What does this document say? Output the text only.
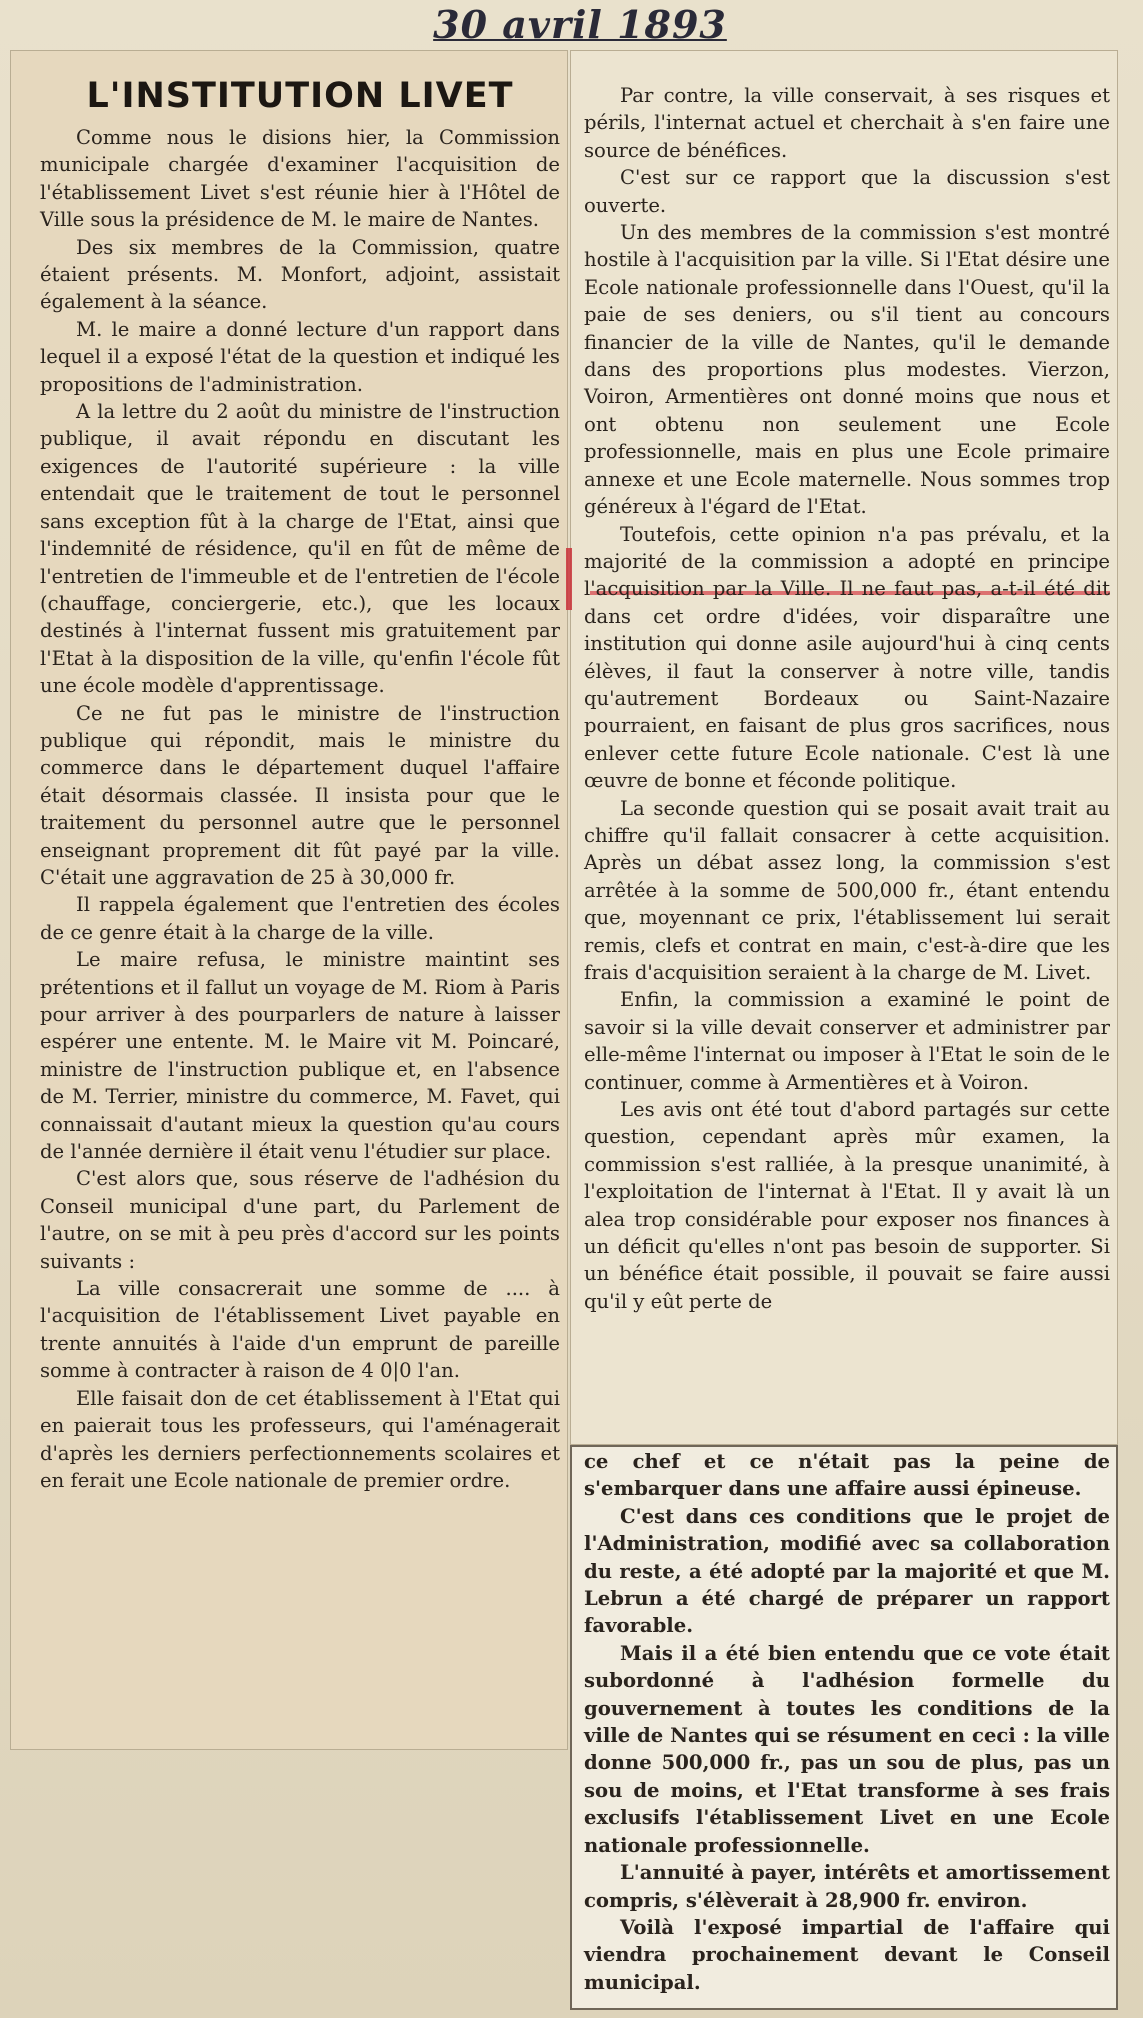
30 avril 1893
L'INSTITUTION LIVET

Comme nous le disions hier, la Commission municipale chargée d'examiner l'acquisition de l'établissement Livet s'est réunie hier à l'Hôtel de Ville sous la présidence de M. le maire de Nantes.

Des six membres de la Commission, quatre étaient présents. M. Monfort, adjoint, assistait également à la séance.

M. le maire a donné lecture d'un rapport dans lequel il a exposé l'état de la question et indiqué les propositions de l'administration.

A la lettre du 2 août du ministre de l'instruction publique, il avait répondu en discutant les exigences de l'autorité supérieure : la ville entendait que le traitement de tout le personnel sans exception fût à la charge de l'Etat, ainsi que l'indemnité de résidence, qu'il en fût de même de l'entretien de l'immeuble et de l'entretien de l'école (chauffage, conciergerie, etc.), que les locaux destinés à l'internat fussent mis gratuitement par l'Etat à la disposition de la ville, qu'enfin l'école fût une école modèle d'apprentissage.

Ce ne fut pas le ministre de l'instruction publique qui répondit, mais le ministre du commerce dans le département duquel l'affaire était désormais classée. Il insista pour que le traitement du personnel autre que le personnel enseignant proprement dit fût payé par la ville. C'était une aggravation de 25 à 30,000 fr.

Il rappela également que l'entretien des écoles de ce genre était à la charge de la ville.

Le maire refusa, le ministre maintint ses prétentions et il fallut un voyage de M. Riom à Paris pour arriver à des pourparlers de nature à laisser espérer une entente. M. le Maire vit M. Poincaré, ministre de l'instruction publique et, en l'absence de M. Terrier, ministre du commerce, M. Favet, qui connaissait d'autant mieux la question qu'au cours de l'année dernière il était venu l'étudier sur place.

C'est alors que, sous réserve de l'adhésion du Conseil municipal d'une part, du Parlement de l'autre, on se mit à peu près d'accord sur les points suivants :

La ville consacrerait une somme de .... à l'acquisition de l'établissement Livet payable en trente annuités à l'aide d'un emprunt de pareille somme à contracter à raison de 4 0|0 l'an.

Elle faisait don de cet établissement à l'Etat qui en paierait tous les professeurs, qui l'aménagerait d'après les derniers perfectionnements scolaires et en ferait une Ecole nationale de premier ordre.

Par contre, la ville conservait, à ses risques et périls, l'internat actuel et cherchait à s'en faire une source de bénéfices.

C'est sur ce rapport que la discussion s'est ouverte.

Un des membres de la commission s'est montré hostile à l'acquisition par la ville. Si l'Etat désire une Ecole nationale professionnelle dans l'Ouest, qu'il la paie de ses deniers, ou s'il tient au concours financier de la ville de Nantes, qu'il le demande dans des proportions plus modestes. Vierzon, Voiron, Armentières ont donné moins que nous et ont obtenu non seulement une Ecole professionnelle, mais en plus une Ecole primaire annexe et une Ecole maternelle. Nous sommes trop généreux à l'égard de l'Etat.

Toutefois, cette opinion n'a pas prévalu, et la majorité de la commission a adopté en principe l'acquisition par la Ville. Il ne faut pas, a-t-il été dit dans cet ordre d'idées, voir disparaître une institution qui donne asile aujourd'hui à cinq cents élèves, il faut la conserver à notre ville, tandis qu'autrement Bordeaux ou Saint-Nazaire pourraient, en faisant de plus gros sacrifices, nous enlever cette future Ecole nationale. C'est là une œuvre de bonne et féconde politique.

La seconde question qui se posait avait trait au chiffre qu'il fallait consacrer à cette acquisition. Après un débat assez long, la commission s'est arrêtée à la somme de 500,000 fr., étant entendu que, moyennant ce prix, l'établissement lui serait remis, clefs et contrat en main, c'est-à-dire que les frais d'acquisition seraient à la charge de M. Livet.

Enfin, la commission a examiné le point de savoir si la ville devait conserver et administrer par elle-même l'internat ou imposer à l'Etat le soin de le continuer, comme à Armentières et à Voiron.

Les avis ont été tout d'abord partagés sur cette question, cependant après mûr examen, la commission s'est ralliée, à la presque unanimité, à l'exploitation de l'internat à l'Etat. Il y avait là un alea trop considérable pour exposer nos finances à un déficit qu'elles n'ont pas besoin de supporter. Si un bénéfice était possible, il pouvait se faire aussi qu'il y eût perte de

ce chef et ce n'était pas la peine de s'embarquer dans une affaire aussi épineuse.

C'est dans ces conditions que le projet de l'Administration, modifié avec sa collaboration du reste, a été adopté par la majorité et que M. Lebrun a été chargé de préparer un rapport favorable.

Mais il a été bien entendu que ce vote était subordonné à l'adhésion formelle du gouvernement à toutes les conditions de la ville de Nantes qui se résument en ceci : la ville donne 500,000 fr., pas un sou de plus, pas un sou de moins, et l'Etat transforme à ses frais exclusifs l'établissement Livet en une Ecole nationale professionnelle.

L'annuité à payer, intérêts et amortissement compris, s'élèverait à 28,900 fr. environ.

Voilà l'exposé impartial de l'affaire qui viendra prochainement devant le Conseil municipal.
